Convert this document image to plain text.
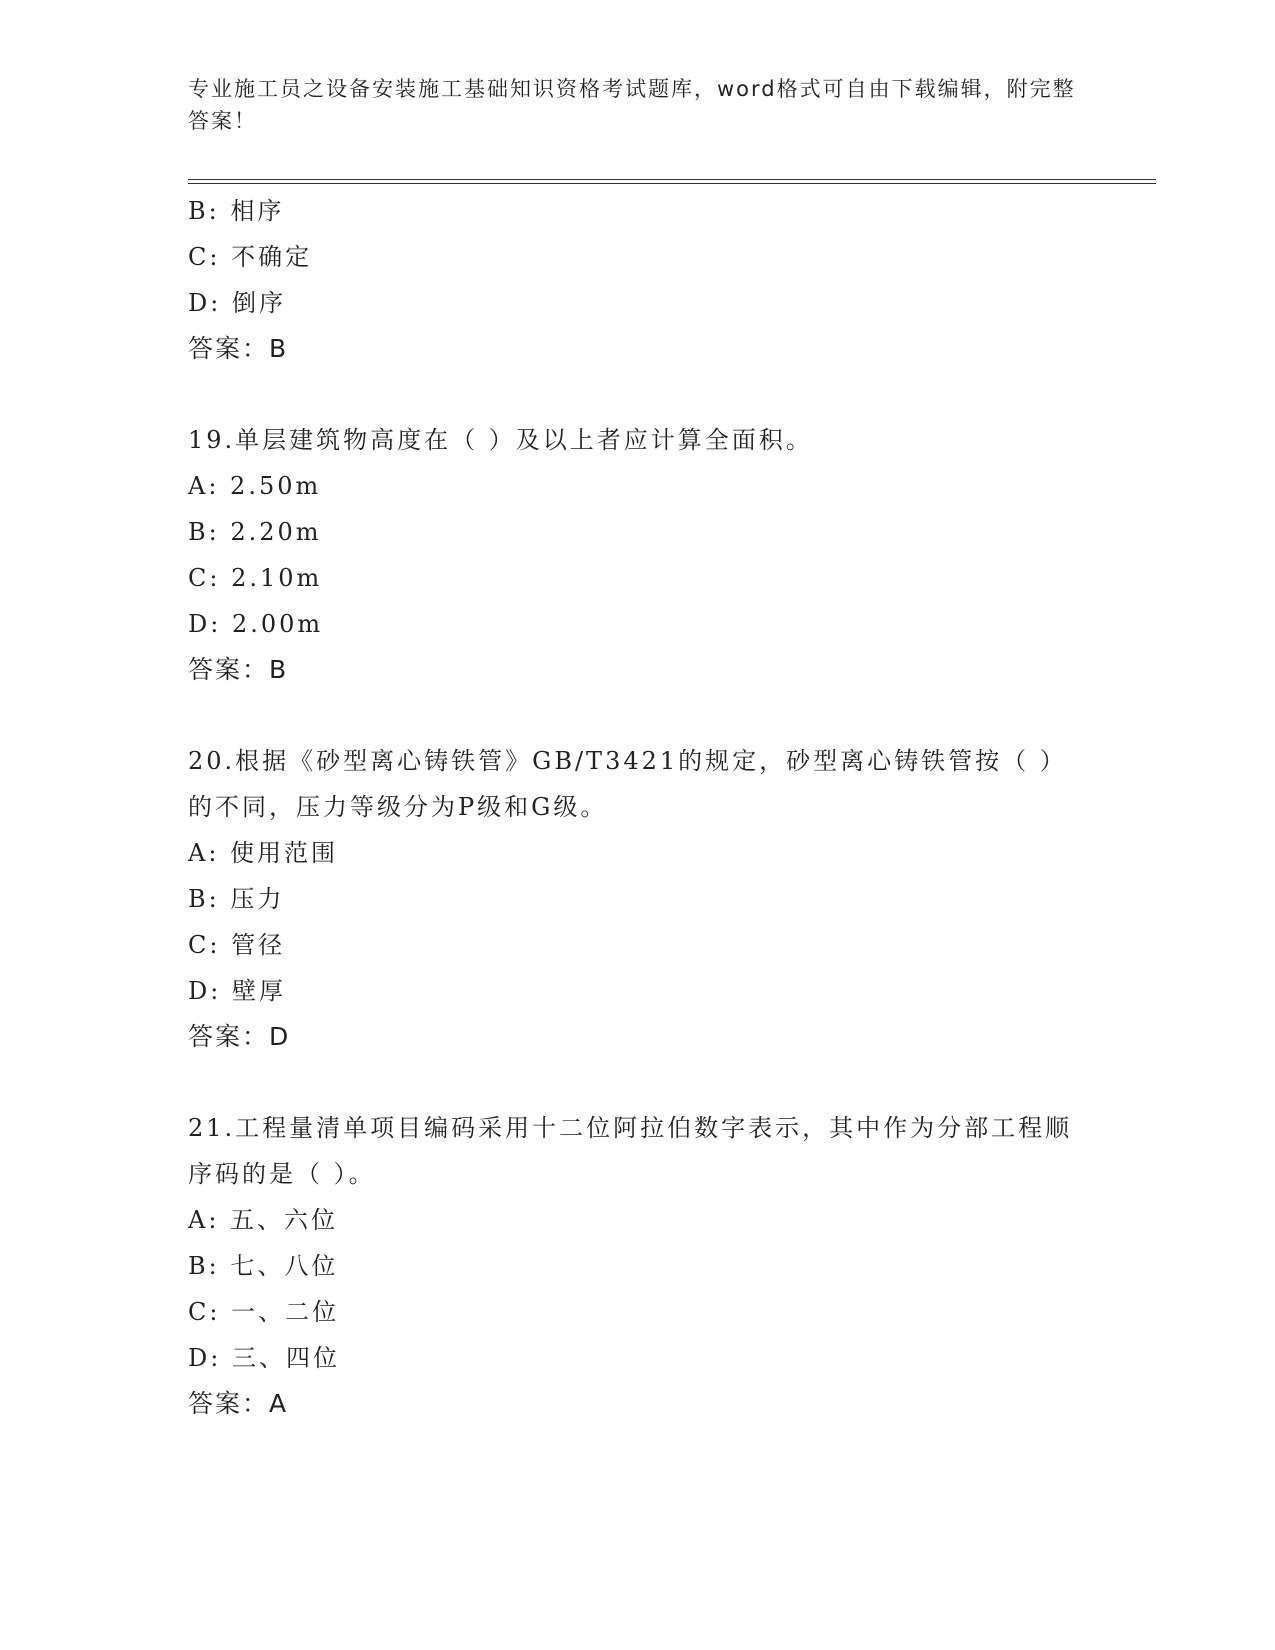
专业施工员之设备安装施工基础知识资格考试题库，word格式可自由下载编辑，附完整答案！
B: 相序
C: 不确定
D: 倒序
答案：B
19.单层建筑物高度在（ ）及以上者应计算全面积。
A: 2.50m
B: 2.20m
C: 2.10m
D: 2.00m
答案：B
20.根据《砂型离心铸铁管》GB/T3421的规定，砂型离心铸铁管按（ ）的不同，压力等级分为P级和G级。
A: 使用范围
B: 压力
C: 管径
D: 壁厚
答案：D
21.工程量清单项目编码采用十二位阿拉伯数字表示，其中作为分部工程顺序码的是（ ）。
A: 五、六位
B: 七、八位
C: 一、二位
D: 三、四位
答案：A
